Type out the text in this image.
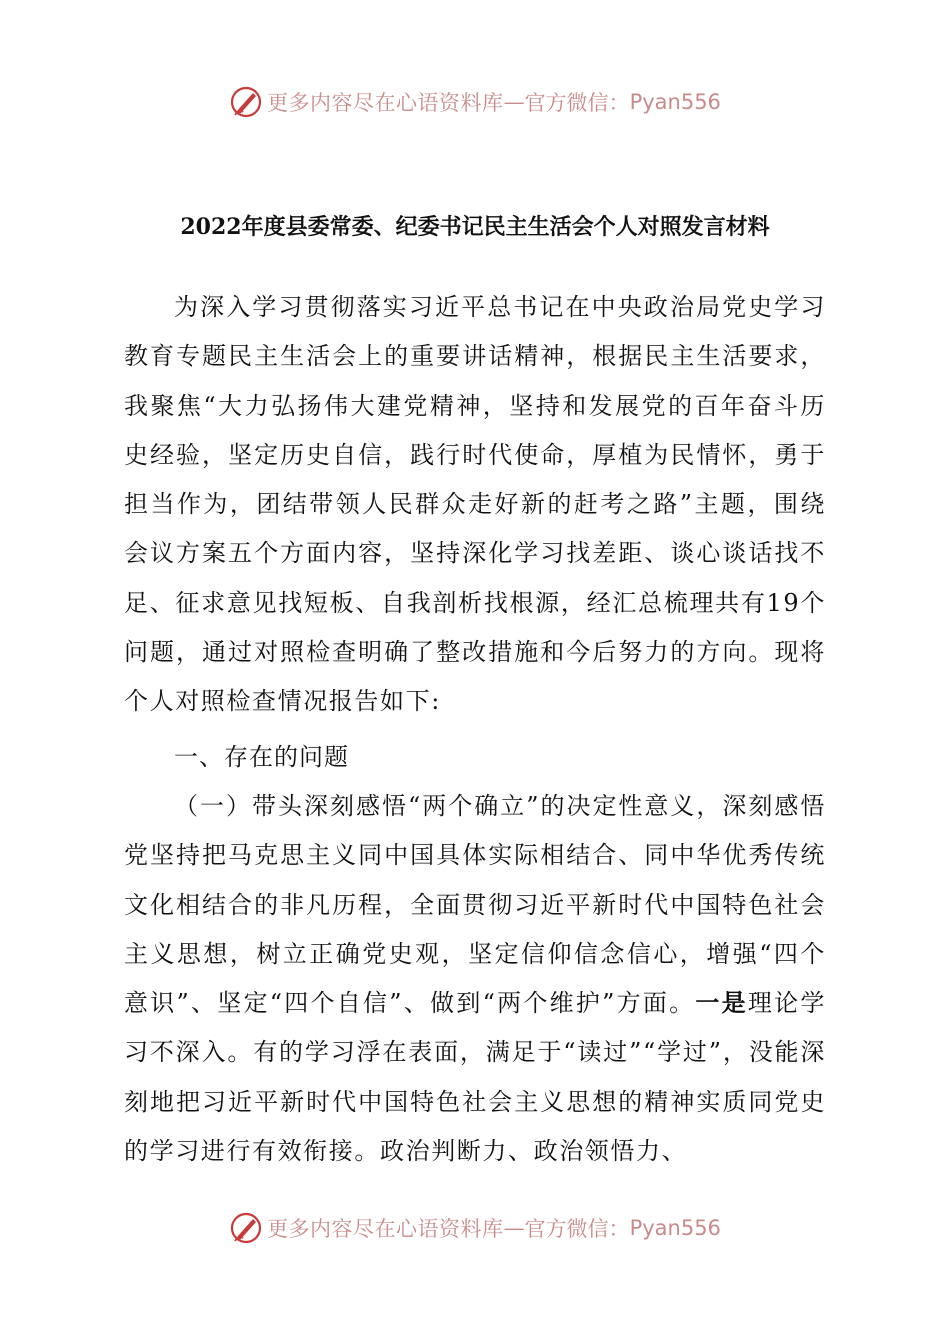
更多内容尽在心语资料库 — 官方微信： Pyan556
2022年度县委常委、纪委书记民主生活会个人对照发言材料
为深入学习贯彻落实习近平总书记在中央政治局党史学习教育专题民主生活会上的重要讲话精神，根据民主生活要求，我聚焦“大力弘扬伟大建党精神，坚持和发展党的百年奋斗历史经验，坚定历史自信，践行时代使命，厚植为民情怀，勇于担当作为，团结带领人民群众走好新的赶考之路”主题，围绕会议方案五个方面内容，坚持深化学习找差距、谈心谈话找不足、征求意见找短板、自我剖析找根源，经汇总梳理共有19个问题，通过对照检查明确了整改措施和今后努力的方向。现将个人对照检查情况报告如下:
一、存在的问题
（一）带头深刻感悟“两个确立”的决定性意义，深刻感悟党坚持把马克思主义同中国具体实际相结合、同中华优秀传统文化相结合的非凡历程，全面贯彻习近平新时代中国特色社会主义思想，树立正确党史观，坚定信仰信念信心，增强“四个意识”、坚定“四个自信”、做到“两个维护”方面。一是理论学习不深入。有的学习浮在表面，满足于“读过”“学过”，没能深刻地把习近平新时代中国特色社会主义思想的精神实质同党史的学习进行有效衔接。政治判断力、政治领悟力、
更多内容尽在心语资料库 — 官方微信： Pyan556
